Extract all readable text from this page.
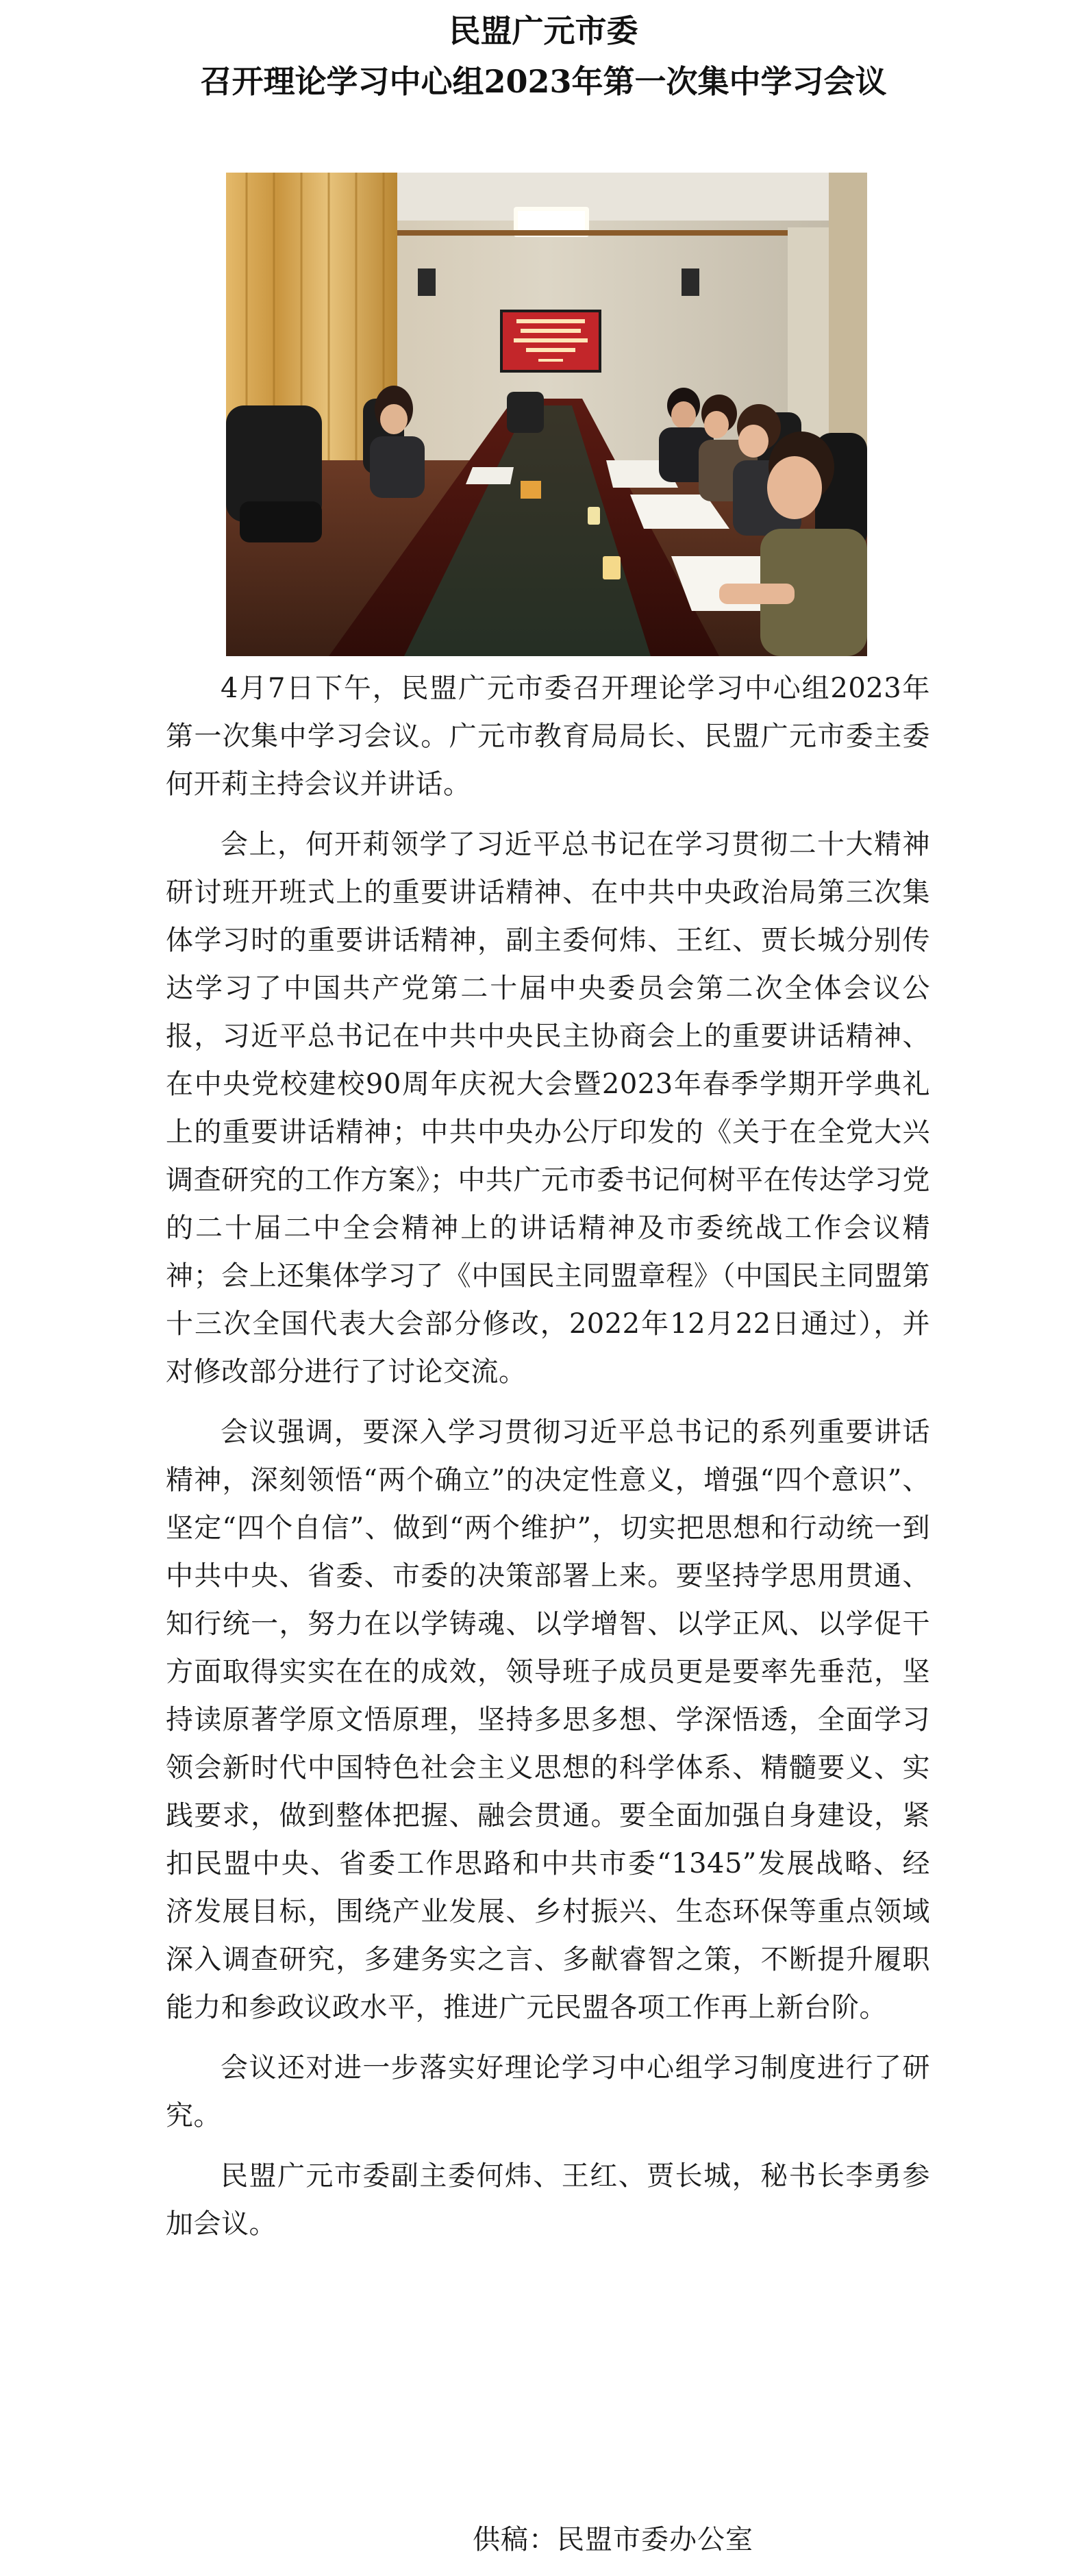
民盟广元市委
召开理论学习中心组2023年第一次集中学习会议

4月7日下午，民盟广元市委召开理论学习中心组2023年第一次集中学习会议。广元市教育局局长、民盟广元市委主委何开莉主持会议并讲话。

会上，何开莉领学了习近平总书记在学习贯彻二十大精神研讨班开班式上的重要讲话精神、在中共中央政治局第三次集体学习时的重要讲话精神，副主委何炜、王红、贾长城分别传达学习了中国共产党第二十届中央委员会第二次全体会议公报，习近平总书记在中共中央民主协商会上的重要讲话精神、在中央党校建校90周年庆祝大会暨2023年春季学期开学典礼上的重要讲话精神；中共中央办公厅印发的《关于在全党大兴调查研究的工作方案》；中共广元市委书记何树平在传达学习党的二十届二中全会精神上的讲话精神及市委统战工作会议精神；会上还集体学习了《中国民主同盟章程》（中国民主同盟第十三次全国代表大会部分修改，2022年12月22日通过），并对修改部分进行了讨论交流。

会议强调，要深入学习贯彻习近平总书记的系列重要讲话精神，深刻领悟“两个确立”的决定性意义，增强“四个意识”、坚定“四个自信”、做到“两个维护”，切实把思想和行动统一到中共中央、省委、市委的决策部署上来。要坚持学思用贯通、知行统一，努力在以学铸魂、以学增智、以学正风、以学促干方面取得实实在在的成效，领导班子成员更是要率先垂范，坚持读原著学原文悟原理，坚持多思多想、学深悟透，全面学习领会新时代中国特色社会主义思想的科学体系、精髓要义、实践要求，做到整体把握、融会贯通。要全面加强自身建设，紧扣民盟中央、省委工作思路和中共市委“1345”发展战略、经济发展目标，围绕产业发展、乡村振兴、生态环保等重点领域深入调查研究，多建务实之言、多献睿智之策，不断提升履职能力和参政议政水平，推进广元民盟各项工作再上新台阶。

会议还对进一步落实好理论学习中心组学习制度进行了研究。

民盟广元市委副主委何炜、王红、贾长城，秘书长李勇参加会议。

供稿：民盟市委办公室
